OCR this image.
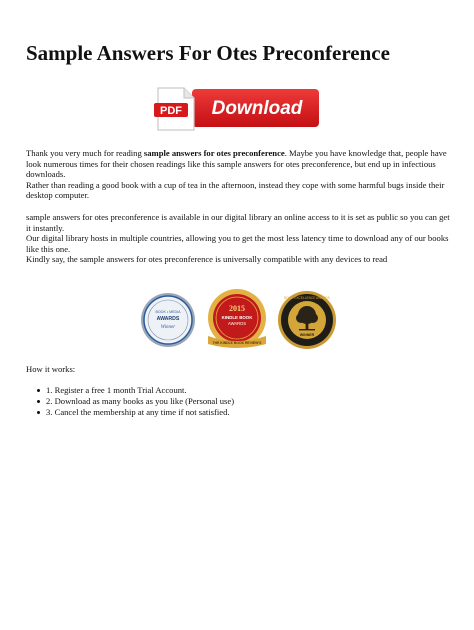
Sample Answers For Otes Preconference
PDF Download
Thank you very much for reading sample answers for otes preconference. Maybe you have knowledge that, people have look numerous times for their chosen readings like this sample answers for otes preconference, but end up in infectious downloads.
Rather than reading a good book with a cup of tea in the afternoon, instead they cope with some harmful bugs inside their desktop computer.
sample answers for otes preconference is available in our digital library an online access to it is set as public so you can get it instantly.
Our digital library hosts in multiple countries, allowing you to get the most less latency time to download any of our books like this one.
Kindly say, the sample answers for otes preconference is universally compatible with any devices to read
BOOK • MEDIA
AWARDS
Winner
2015
KINDLE BOOK
AWARDS
THE KINDLE BOOK REVIEW'S
BOOK EXCELLENCE AWARDS
WINNER

How it works:

1. Register a free 1 month Trial Account.
2. Download as many books as you like (Personal use)
3. Cancel the membership at any time if not satisfied.
